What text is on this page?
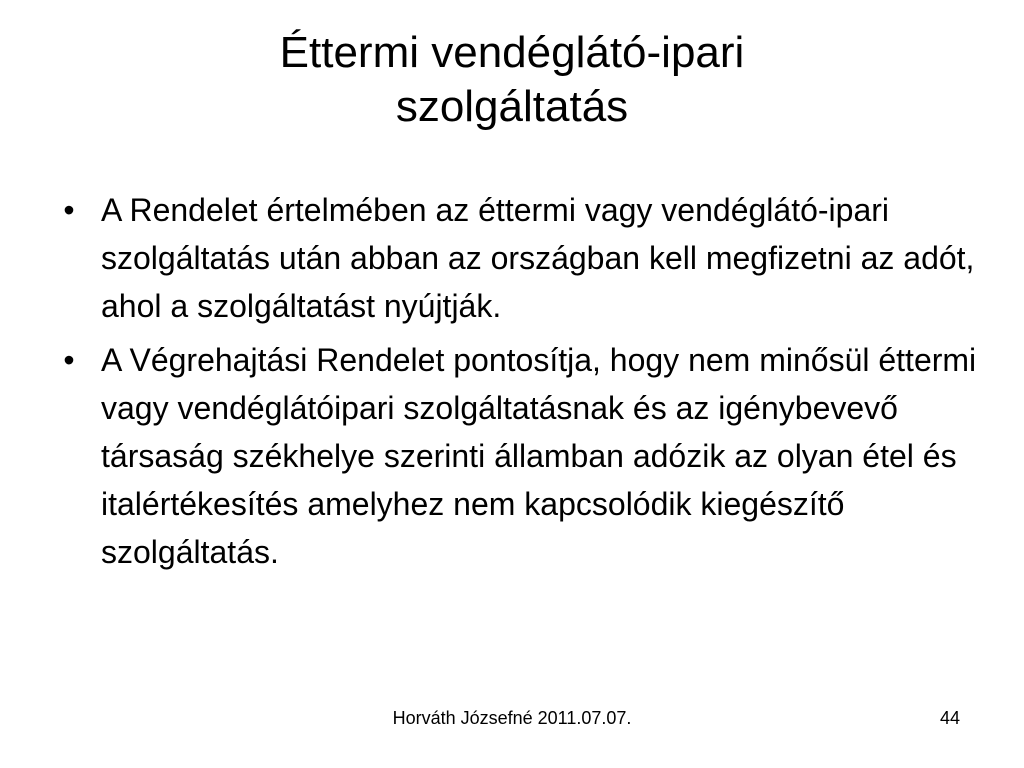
Éttermi vendéglátó-ipari
szolgáltatás
• A Rendelet értelmében az éttermi vagy vendéglátó-ipari szolgáltatás után abban az országban kell megfizetni az adót, ahol a szolgáltatást nyújtják.
• A Végrehajtási Rendelet pontosítja, hogy nem minősül éttermi vagy vendéglátóipari szolgáltatásnak és az igénybevevő társaság székhelye szerinti államban adózik az olyan étel és italértékesítés amelyhez nem kapcsolódik kiegészítő szolgáltatás.
Horváth Józsefné 2011.07.07.	44
